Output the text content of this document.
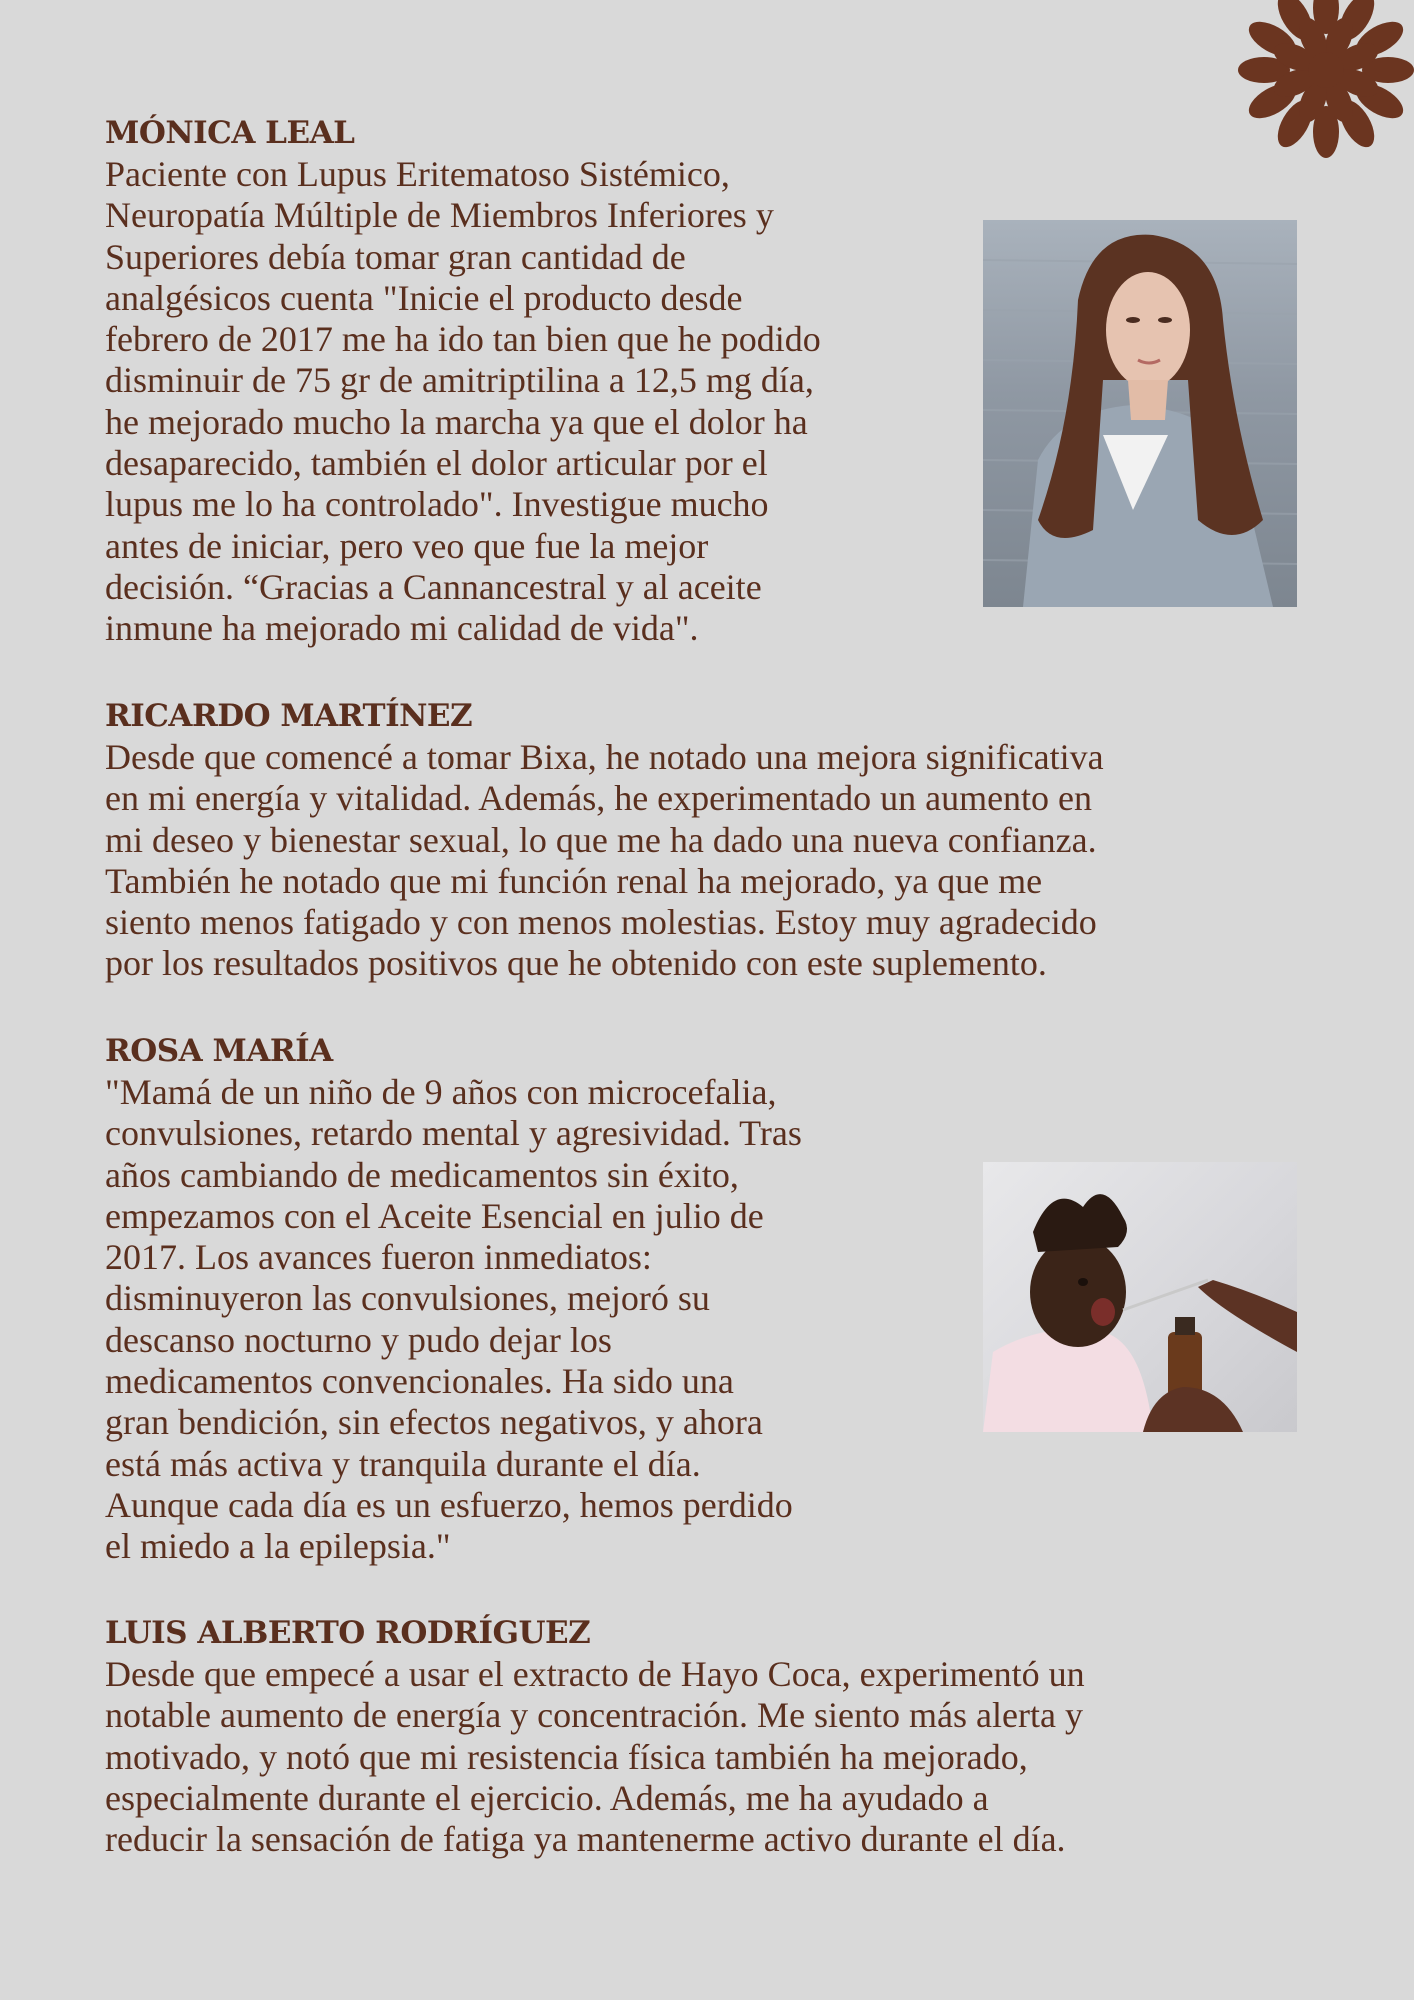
MÓNICA LEAL

Paciente con Lupus Eritematoso Sistémico,
Neuropatía Múltiple de Miembros Inferiores y
Superiores debía tomar gran cantidad de
analgésicos cuenta "Inicie el producto desde
febrero de 2017 me ha ido tan bien que he podido
disminuir de 75 gr de amitriptilina a 12,5 mg día,
he mejorado mucho la marcha ya que el dolor ha
desaparecido, también el dolor articular por el
lupus me lo ha controlado". Investigue mucho
antes de iniciar, pero veo que fue la mejor
decisión. “Gracias a Cannancestral y al aceite
inmune ha mejorado mi calidad de vida".

RICARDO MARTÍNEZ

Desde que comencé a tomar Bixa, he notado una mejora significativa
en mi energía y vitalidad. Además, he experimentado un aumento en
mi deseo y bienestar sexual, lo que me ha dado una nueva confianza.
También he notado que mi función renal ha mejorado, ya que me
siento menos fatigado y con menos molestias. Estoy muy agradecido
por los resultados positivos que he obtenido con este suplemento.

ROSA MARÍA

"Mamá de un niño de 9 años con microcefalia,
convulsiones, retardo mental y agresividad. Tras
años cambiando de medicamentos sin éxito,
empezamos con el Aceite Esencial en julio de
2017. Los avances fueron inmediatos:
disminuyeron las convulsiones, mejoró su
descanso nocturno y pudo dejar los
medicamentos convencionales. Ha sido una
gran bendición, sin efectos negativos, y ahora
está más activa y tranquila durante el día.
Aunque cada día es un esfuerzo, hemos perdido
el miedo a la epilepsia."

LUIS ALBERTO RODRÍGUEZ

Desde que empecé a usar el extracto de Hayo Coca, experimentó un
notable aumento de energía y concentración. Me siento más alerta y
motivado, y notó que mi resistencia física también ha mejorado,
especialmente durante el ejercicio. Además, me ha ayudado a
reducir la sensación de fatiga ya mantenerme activo durante el día.
